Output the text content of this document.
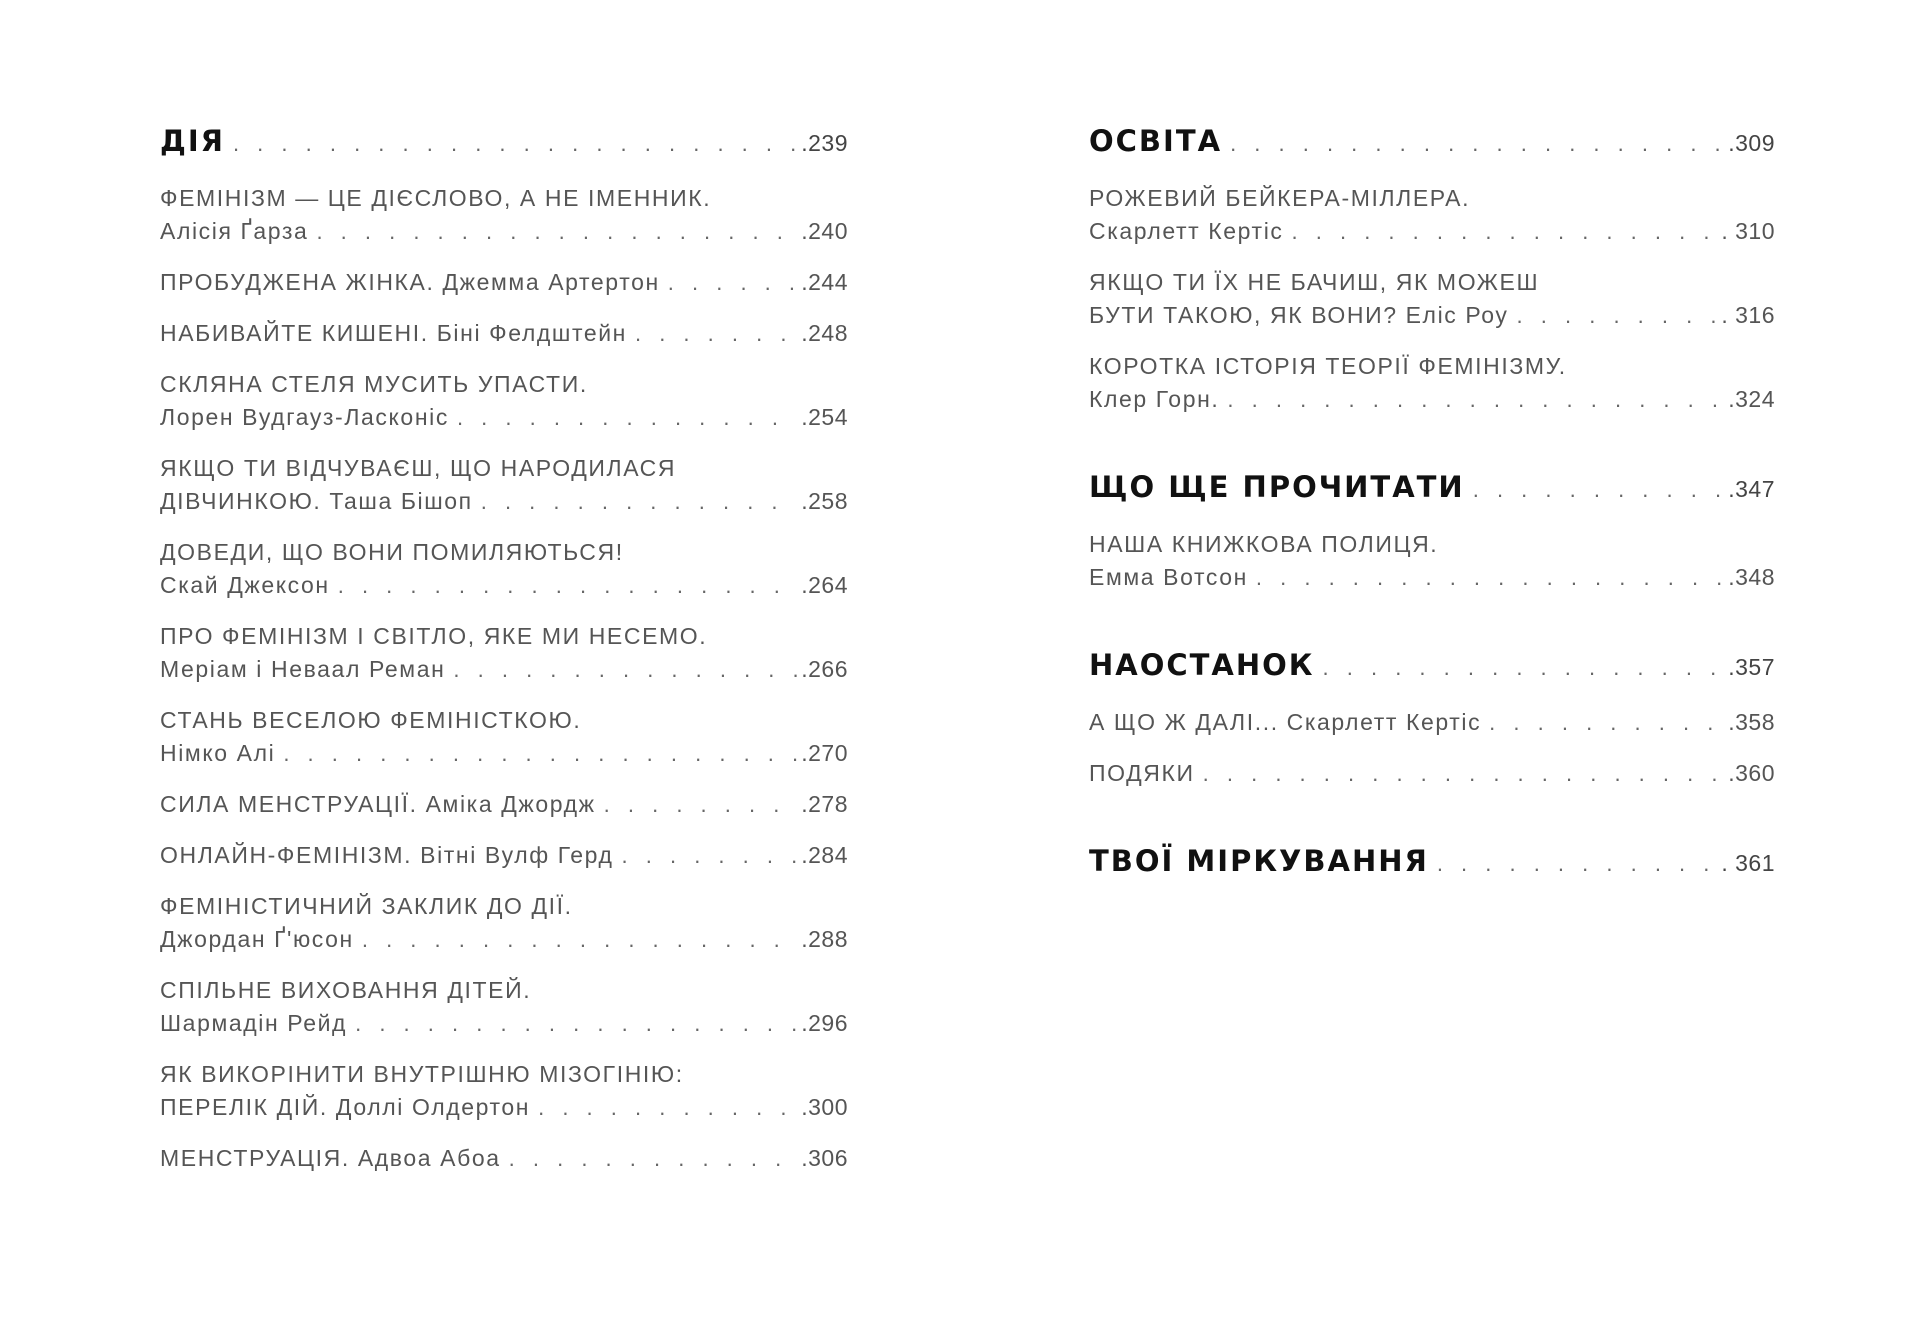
ДІЯ . . .	.239
ФЕМІНІЗМ — ЦЕ ДІЄСЛОВО, А НЕ ІМЕННИК.
Алісія Ґарза . . .	.240
ПРОБУДЖЕНА ЖІНКА. Джемма Артертон . . .	.244
НАБИВАЙТЕ КИШЕНІ. Біні Фелдштейн . . .	.248
СКЛЯНА СТЕЛЯ МУСИТЬ УПАСТИ.
Лорен Вудгауз-Ласконіс . . .	.254
ЯКЩО ТИ ВІДЧУВАЄШ, ЩО НАРОДИЛАСЯ
ДІВЧИНКОЮ. Таша Бішоп . . .	.258
ДОВЕДИ, ЩО ВОНИ ПОМИЛЯЮТЬСЯ!
Скай Джексон . . .	.264
ПРО ФЕМІНІЗМ І СВІТЛО, ЯКЕ МИ НЕСЕМО.
Меріам і Неваал Реман . . .	.266
СТАНЬ ВЕСЕЛОЮ ФЕМІНІСТКОЮ.
Німко Алі . . .	.270
СИЛА МЕНСТРУАЦІЇ. Аміка Джордж . . .	.278
ОНЛАЙН-ФЕМІНІЗМ. Вітні Вулф Герд . . .	.284
ФЕМІНІСТИЧНИЙ ЗАКЛИК ДО ДІЇ.
Джордан Ґ'юсон . . .	.288
СПІЛЬНЕ ВИХОВАННЯ ДІТЕЙ.
Шармадін Рейд . . .	.296
ЯК ВИКОРІНИТИ ВНУТРІШНЮ МІЗОГІНІЮ:
ПЕРЕЛІК ДІЙ. Доллі Олдертон . . .	.300
МЕНСТРУАЦІЯ. Адвоа Абоа . . .	.306
ОСВІТА . . .	.309
РОЖЕВИЙ БЕЙКЕРА-МІЛЛЕРА.
Скарлетт Кертіс . . .	. 310
ЯКЩО ТИ ЇХ НЕ БАЧИШ, ЯК МОЖЕШ
БУТИ ТАКОЮ, ЯК ВОНИ? Еліс Роу . . .	. 316
КОРОТКА ІСТОРІЯ ТЕОРІЇ ФЕМІНІЗМУ.
Клер Горн. . . .	.324
ЩО ЩЕ ПРОЧИТАТИ . . .	.347
НАША КНИЖКОВА ПОЛИЦЯ.
Емма Вотсон . . .	.348
НАОСТАНОК . . .	.357
А ЩО Ж ДАЛІ... Скарлетт Кертіс . . .	.358
ПОДЯКИ . . .	.360
ТВОЇ МІРКУВАННЯ . . .	. 361
